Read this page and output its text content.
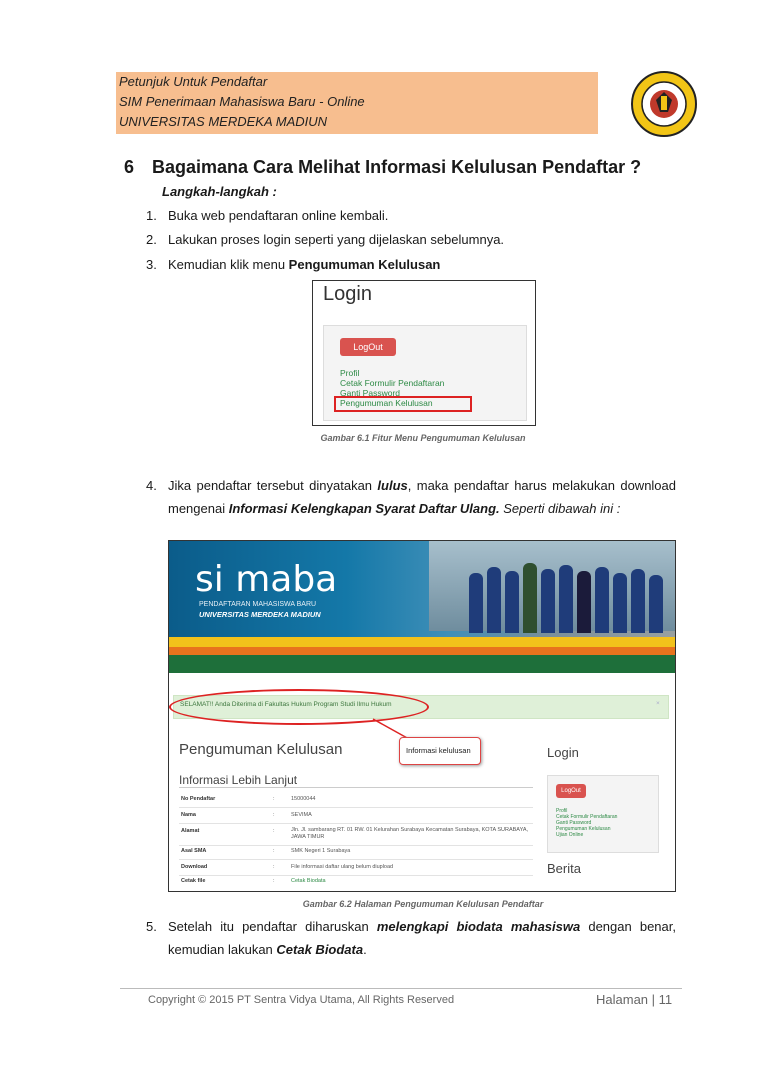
Petunjuk Untuk Pendaftar
SIM Penerimaan Mahasiswa Baru - Online
UNIVERSITAS MERDEKA MADIUN
6 Bagaimana Cara Melihat Informasi Kelulusan Pendaftar ?
Langkah-langkah :
1. Buka web pendaftaran online kembali.
2. Lakukan proses login seperti yang dijelaskan sebelumnya.
3. Kemudian klik menu Pengumuman Kelulusan
Login
LogOut
Profil
Cetak Formulir Pendaftaran
Ganti Password
Pengumuman Kelulusan
Gambar 6.1 Fitur Menu Pengumuman Kelulusan
4. Jika pendaftar tersebut dinyatakan lulus, maka pendaftar harus melakukan download mengenai Informasi Kelengkapan Syarat Daftar Ulang. Seperti dibawah ini :
si maba
PENDAFTARAN MAHASISWA BARU
UNIVERSITAS MERDEKA MADIUN
SELAMAT!! Anda Diterima di Fakultas Hukum Program Studi Ilmu Hukum	×
Informasi kelulusan
Pengumuman Kelulusan
Informasi Lebih Lanjut
No Pendaftar	:	15000044
Nama	:	SEVIMA
Alamat	:	Jln. Jl. sambarang RT. 01 RW. 01 Kelurahan Surabaya Kecamatan Surabaya, KOTA SURABAYA, JAWA TIMUR
Asal SMA	:	SMK Negeri 1 Surabaya
Download	:	File informasi daftar ulang belum diupload
Cetak file	:	Cetak Biodata
Login
LogOut
Profil
Cetak Formulir Pendaftaran
Ganti Password
Pengumuman Kelulusan
Ujian Online
Berita
Gambar 6.2 Halaman Pengumuman Kelulusan Pendaftar
5. Setelah itu pendaftar diharuskan melengkapi biodata mahasiswa dengan benar, kemudian lakukan Cetak Biodata.
Copyright © 2015 PT Sentra Vidya Utama, All Rights Reserved	Halaman | 11
